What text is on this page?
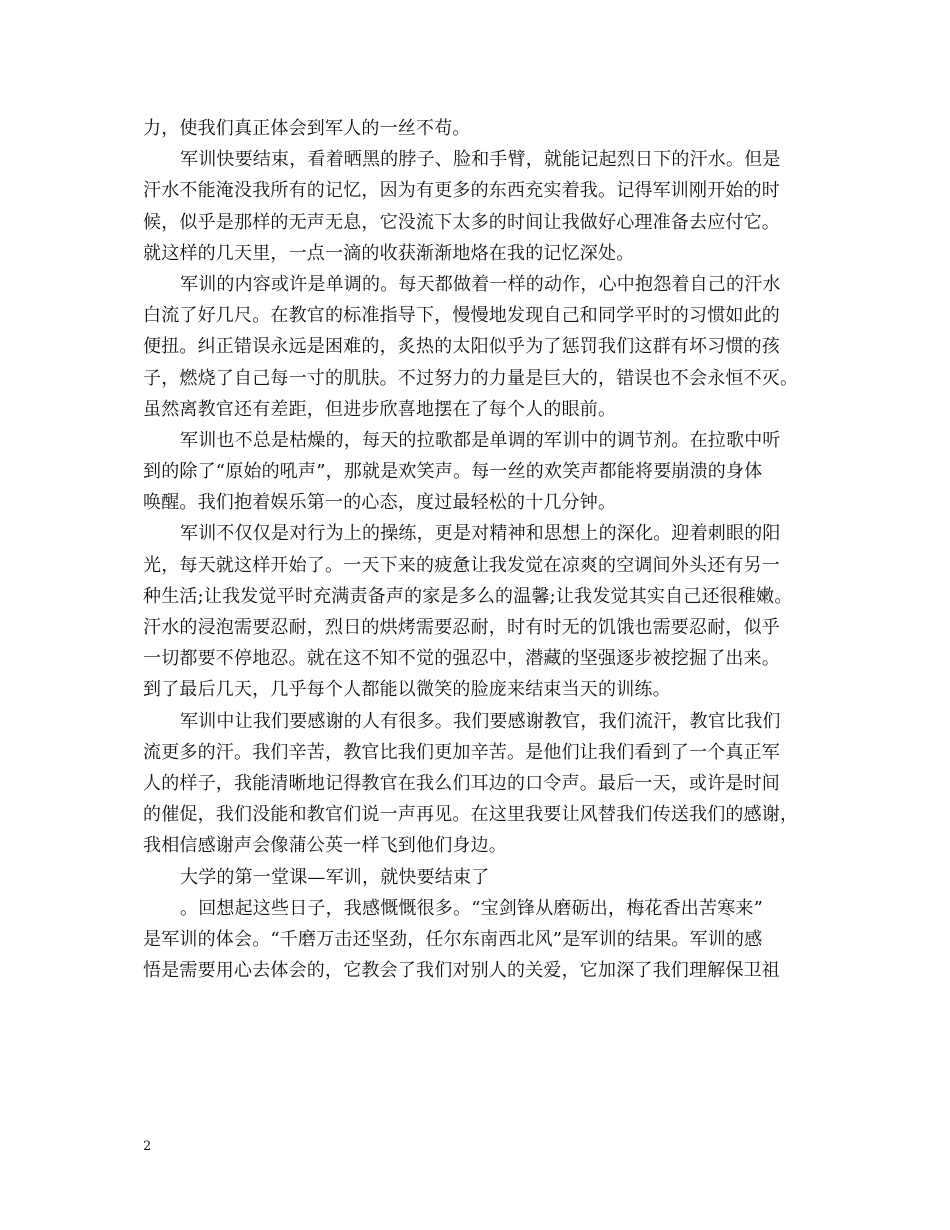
力，使我们真正体会到军人的一丝不苟。
军训快要结束，看着晒黑的脖子、脸和手臂，就能记起烈日下的汗水。但是
汗水不能淹没我所有的记忆，因为有更多的东西充实着我。记得军训刚开始的时
候，似乎是那样的无声无息，它没流下太多的时间让我做好心理准备去应付它。
就这样的几天里，一点一滴的收获渐渐地烙在我的记忆深处。
军训的内容或许是单调的。每天都做着一样的动作，心中抱怨着自己的汗水
白流了好几尺。在教官的标准指导下，慢慢地发现自己和同学平时的习惯如此的
便扭。纠正错误永远是困难的，炙热的太阳似乎为了惩罚我们这群有坏习惯的孩
子，燃烧了自己每一寸的肌肤。不过努力的力量是巨大的，错误也不会永恒不灭。
虽然离教官还有差距，但进步欣喜地摆在了每个人的眼前。
军训也不总是枯燥的，每天的拉歌都是单调的军训中的调节剂。在拉歌中听
到的除了“原始的吼声”，那就是欢笑声。每一丝的欢笑声都能将要崩溃的身体
唤醒。我们抱着娱乐第一的心态，度过最轻松的十几分钟。
军训不仅仅是对行为上的操练，更是对精神和思想上的深化。迎着刺眼的阳
光，每天就这样开始了。一天下来的疲惫让我发觉在凉爽的空调间外头还有另一
种生活;让我发觉平时充满责备声的家是多么的温馨;让我发觉其实自己还很稚嫩。
汗水的浸泡需要忍耐，烈日的烘烤需要忍耐，时有时无的饥饿也需要忍耐，似乎
一切都要不停地忍。就在这不知不觉的强忍中，潜藏的坚强逐步被挖掘了出来。
到了最后几天，几乎每个人都能以微笑的脸庞来结束当天的训练。
军训中让我们要感谢的人有很多。我们要感谢教官，我们流汗，教官比我们
流更多的汗。我们辛苦，教官比我们更加辛苦。是他们让我们看到了一个真正军
人的样子，我能清晰地记得教官在我么们耳边的口令声。最后一天，或许是时间
的催促，我们没能和教官们说一声再见。在这里我要让风替我们传送我们的感谢，
我相信感谢声会像蒲公英一样飞到他们身边。
大学的第一堂课—军训，就快要结束了
。回想起这些日子，我感慨慨很多。“宝剑锋从磨砺出，梅花香出苦寒来”
是军训的体会。“千磨万击还坚劲，任尔东南西北风”是军训的结果。军训的感
悟是需要用心去体会的，它教会了我们对别人的关爱，它加深了我们理解保卫祖
2
